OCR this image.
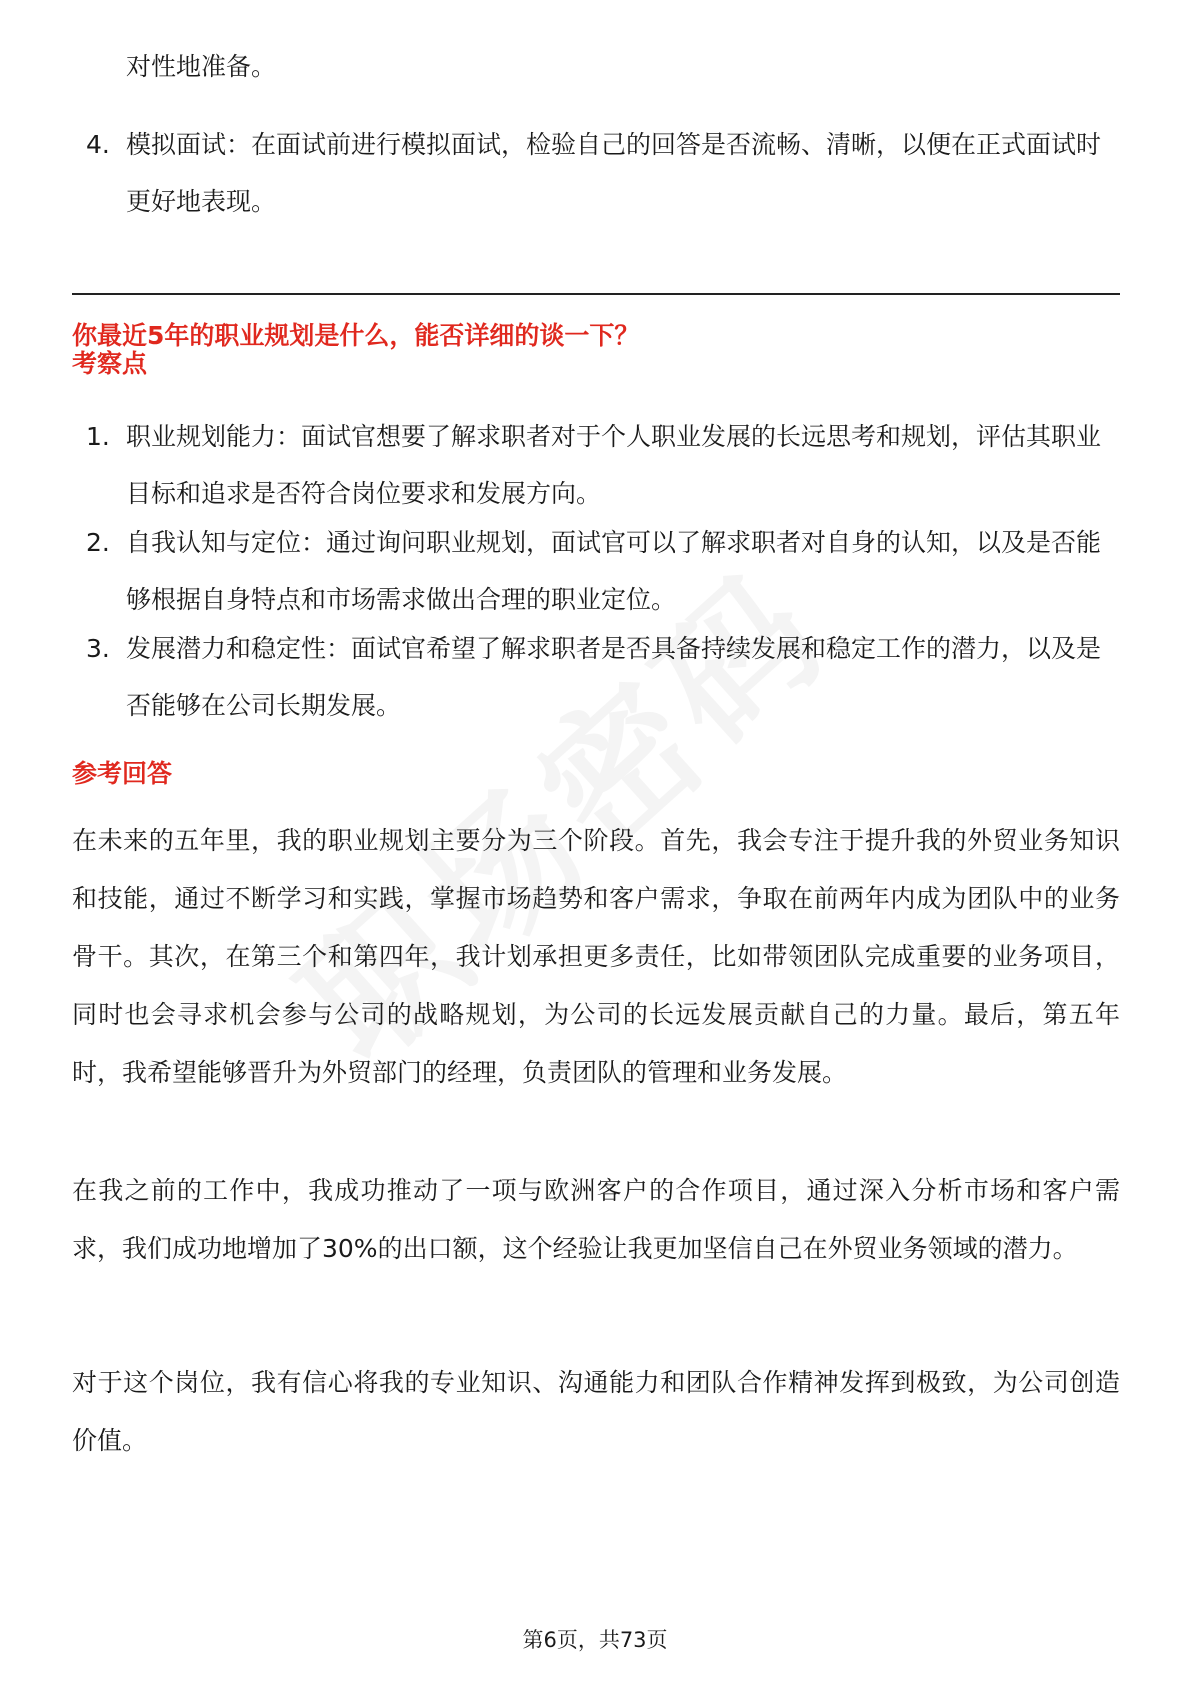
对性地准备。
4. 模拟面试：在面试前进行模拟面试，检验自己的回答是否流畅、清晰，以便在正式面试时更好地表现。
你最近5年的职业规划是什么，能否详细的谈一下？
考察点
1. 职业规划能力：面试官想要了解求职者对于个人职业发展的长远思考和规划，评估其职业目标和追求是否符合岗位要求和发展方向。
2. 自我认知与定位：通过询问职业规划，面试官可以了解求职者对自身的认知，以及是否能够根据自身特点和市场需求做出合理的职业定位。
3. 发展潜力和稳定性：面试官希望了解求职者是否具备持续发展和稳定工作的潜力，以及是否能够在公司长期发展。
参考回答
在未来的五年里，我的职业规划主要分为三个阶段。首先，我会专注于提升我的外贸业务知识和技能，通过不断学习和实践，掌握市场趋势和客户需求，争取在前两年内成为团队中的业务骨干。其次，在第三个和第四年，我计划承担更多责任，比如带领团队完成重要的业务项目，同时也会寻求机会参与公司的战略规划，为公司的长远发展贡献自己的力量。最后，第五年时，我希望能够晋升为外贸部门的经理，负责团队的管理和业务发展。
在我之前的工作中，我成功推动了一项与欧洲客户的合作项目，通过深入分析市场和客户需求，我们成功地增加了30%的出口额，这个经验让我更加坚信自己在外贸业务领域的潜力。
对于这个岗位，我有信心将我的专业知识、沟通能力和团队合作精神发挥到极致，为公司创造价值。
第6页，共73页
